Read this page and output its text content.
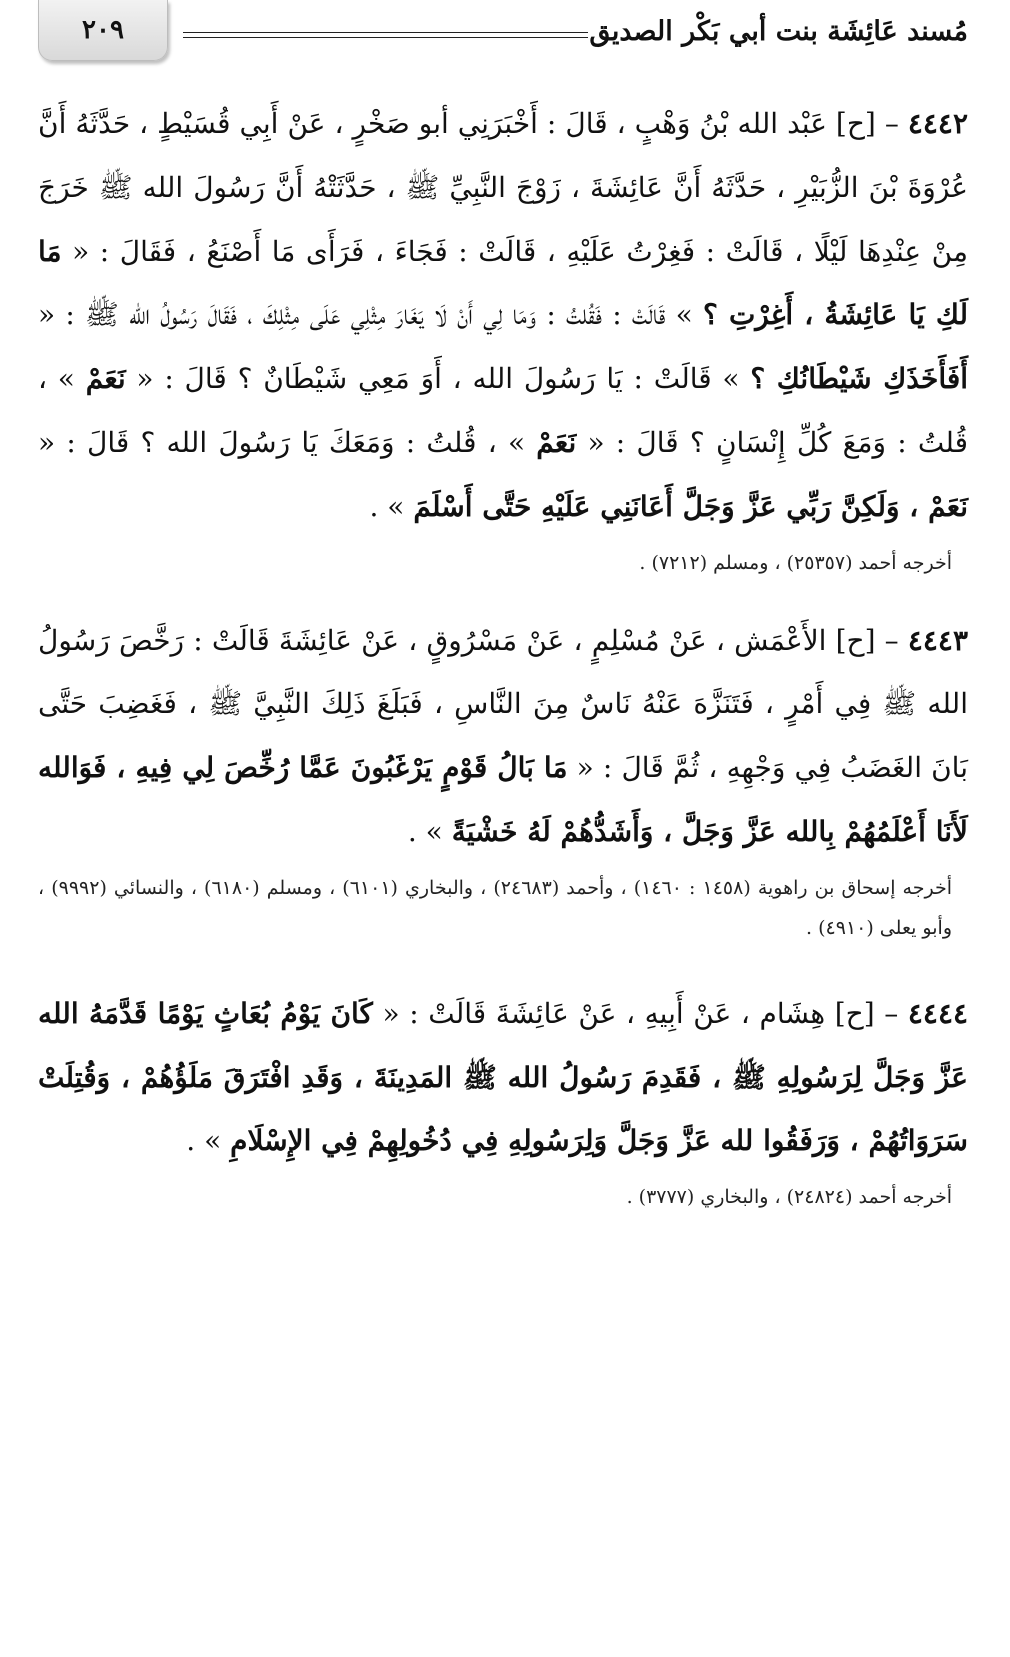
مُسند عَائِشَة بنت أبي بَكْر الصديق
٢٠٩

٤٤٤٢ – [ح] عَبْد الله بْنُ وَهْبٍ ، قَالَ : أَخْبَرَنِي أبو صَخْرٍ ، عَنْ أَبِي قُسَيْطٍ ، حَدَّثَهُ أَنَّ عُرْوَةَ بْنَ الزُّبَيْرِ ، حَدَّثَهُ أَنَّ عَائِشَةَ ، زَوْجَ النَّبِيِّ ﷺ ، حَدَّثَتْهُ أَنَّ رَسُولَ الله ﷺ خَرَجَ مِنْ عِنْدِهَا لَيْلًا ، قَالَتْ : فَغِرْتُ عَلَيْهِ ، قَالَتْ : فَجَاءَ ، فَرَأَى مَا أَصْنَعُ ، فَقَالَ : « مَا لَكِ يَا عَائِشَةُ ، أَغِرْتِ ؟ » قَالَتْ : فَقُلتُ : وَمَا لِي أَنْ لَا يَغَارَ مِثْلِي عَلَى مِثْلِكَ ، فَقَالَ رَسُولُ الله ﷺ : « أَفَأَخَذَكِ شَيْطَانُكِ ؟ » قَالَتْ : يَا رَسُولَ الله ، أَوَ مَعِي شَيْطَانٌ ؟ قَالَ : « نَعَمْ » ، قُلتُ : وَمَعَ كُلِّ إِنْسَانٍ ؟ قَالَ : « نَعَمْ » ، قُلتُ : وَمَعَكَ يَا رَسُولَ الله ؟ قَالَ : « نَعَمْ ، وَلَكِنَّ رَبِّي عَزَّ وَجَلَّ أَعَانَنِي عَلَيْهِ حَتَّى أَسْلَمَ » .

أخرجه أحمد (٢٥٣٥٧) ، ومسلم (٧٢١٢) .

٤٤٤٣ – [ح] الأَعْمَش ، عَنْ مُسْلِمٍ ، عَنْ مَسْرُوقٍ ، عَنْ عَائِشَةَ قَالَتْ : رَخَّصَ رَسُولُ الله ﷺ فِي أَمْرٍ ، فَتَنَزَّهَ عَنْهُ نَاسٌ مِنَ النَّاسِ ، فَبَلَغَ ذَلِكَ النَّبِيَّ ﷺ ، فَغَضِبَ حَتَّى بَانَ الغَضَبُ فِي وَجْهِهِ ، ثُمَّ قَالَ : « مَا بَالُ قَوْمٍ يَرْغَبُونَ عَمَّا رُخِّصَ لِي فِيهِ ، فَوَالله لَأَنَا أَعْلَمُهُمْ بِالله عَزَّ وَجَلَّ ، وَأَشَدُّهُمْ لَهُ خَشْيَةً » .

أخرجه إسحاق بن راهوية (١٤٥٨ : ١٤٦٠) ، وأحمد (٢٤٦٨٣) ، والبخاري (٦١٠١) ، ومسلم (٦١٨٠) ، والنسائي (٩٩٩٢) ، وأبو يعلى (٤٩١٠) .

٤٤٤٤ – [ح] هِشَام ، عَنْ أَبِيهِ ، عَنْ عَائِشَةَ قَالَتْ : « كَانَ يَوْمُ بُعَاثٍ يَوْمًا قَدَّمَهُ الله عَزَّ وَجَلَّ لِرَسُولِهِ ﷺ ، فَقَدِمَ رَسُولُ الله ﷺ المَدِينَةَ ، وَقَدِ افْتَرَقَ مَلَؤُهُمْ ، وَقُتِلَتْ سَرَوَاتُهُمْ ، وَرَفَقُوا لله عَزَّ وَجَلَّ وَلِرَسُولِهِ فِي دُخُولِهِمْ فِي الإِسْلَامِ » .

أخرجه أحمد (٢٤٨٢٤) ، والبخاري (٣٧٧٧) .
